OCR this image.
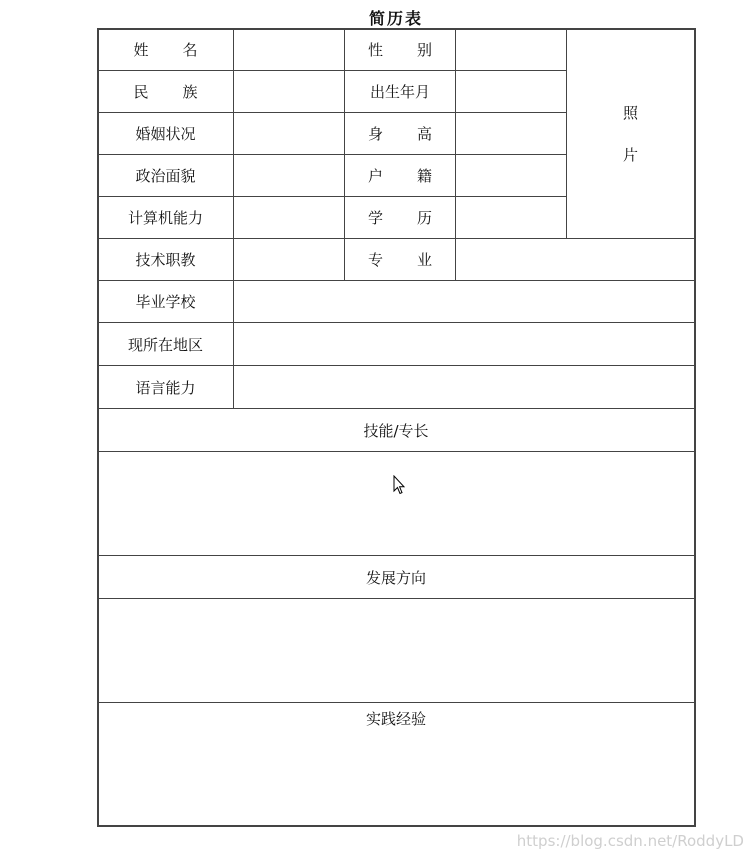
简历表
姓 名	性 别
民 族	出生年月
婚姻状况	身 高
政治面貌	户 籍
计算机能力	学 历
照
片
技术职教	专 业
毕业学校
现所在地区
语言能力
技能/专长
发展方向
实践经验
https://blog.csdn.net/RoddyLD
